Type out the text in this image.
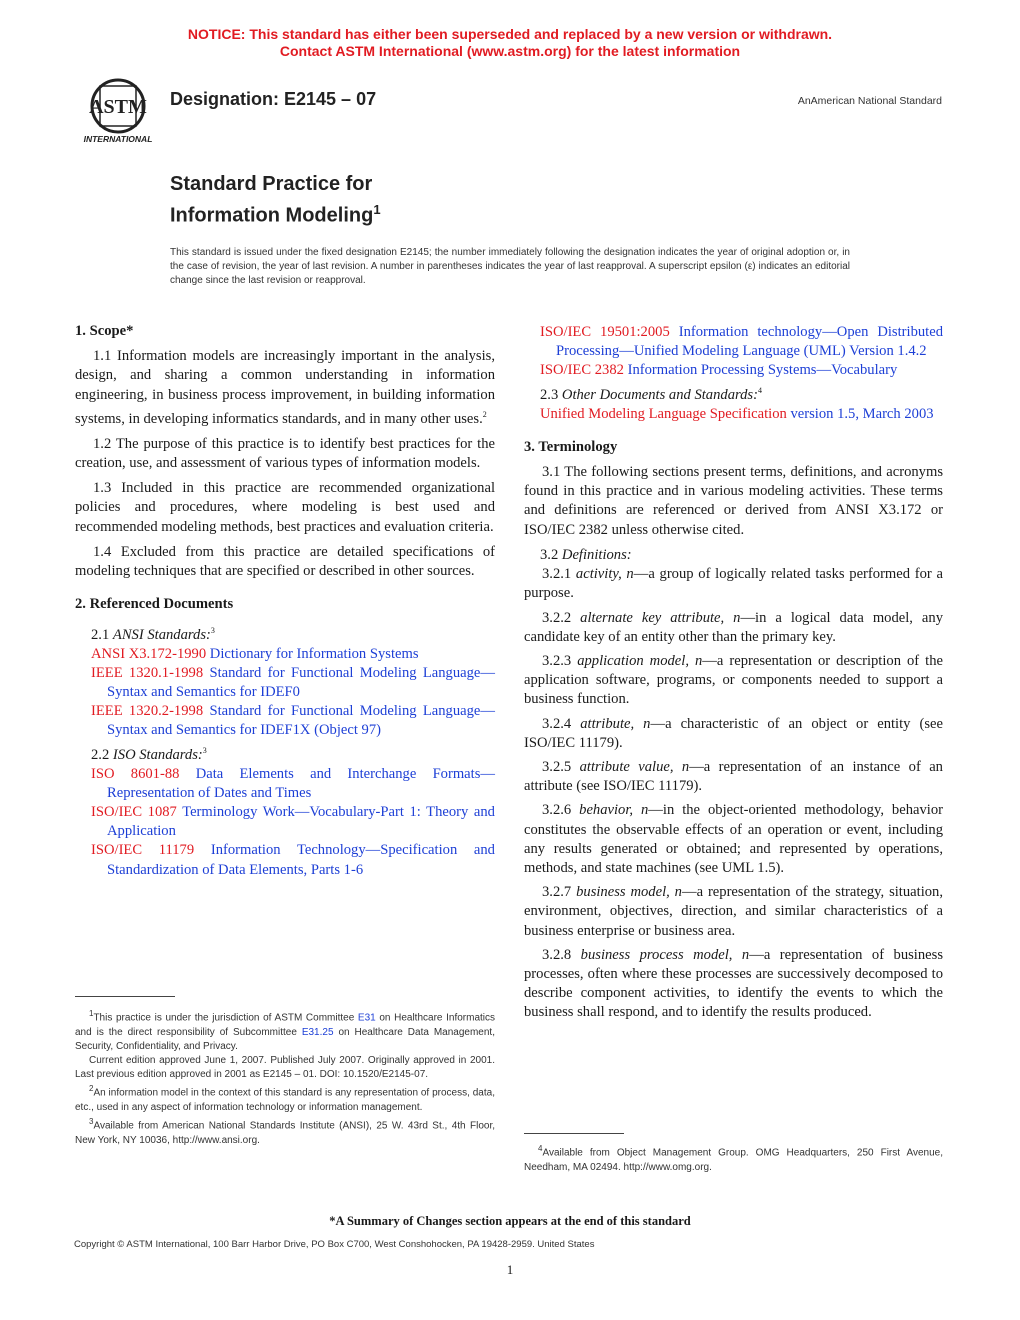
NOTICE: This standard has either been superseded and replaced by a new version or withdrawn.
Contact ASTM International (www.astm.org) for the latest information
ASTM
INTERNATIONAL
Designation: E2145 – 07	AnAmerican National Standard
Standard Practice for
Information Modeling$^1$
This standard is issued under the fixed designation E2145; the number immediately following the designation indicates the year of original adoption or, in the case of revision, the year of last revision. A number in parentheses indicates the year of last reapproval. A superscript epsilon (ε) indicates an editorial change since the last revision or reapproval.

1. Scope*

1.1 Information models are increasingly important in the analysis, design, and sharing a common understanding in information engineering, in business process improvement, in building information systems, in developing informatics standards, and in many other uses.$^2$

1.2 The purpose of this practice is to identify best practices for the creation, use, and assessment of various types of information models.

1.3 Included in this practice are recommended organizational policies and procedures, where modeling is best used and recommended modeling methods, best practices and evaluation criteria.

1.4 Excluded from this practice are detailed specifications of modeling techniques that are specified or described in other sources.

2. Referenced Documents

2.1 ANSI Standards:$^3$

ANSI X3.172-1990 Dictionary for Information Systems

IEEE 1320.1-1998 Standard for Functional Modeling Language—Syntax and Semantics for IDEF0

IEEE 1320.2-1998 Standard for Functional Modeling Language—Syntax and Semantics for IDEF1X (Object 97)

2.2 ISO Standards:$^3$

ISO 8601-88 Data Elements and Interchange Formats—Representation of Dates and Times

ISO/IEC 1087 Terminology Work—Vocabulary-Part 1: Theory and Application

ISO/IEC 11179 Information Technology—Specification and Standardization of Data Elements, Parts 1-6

$^1$This practice is under the jurisdiction of ASTM Committee E31 on Healthcare Informatics and is the direct responsibility of Subcommittee E31.25 on Healthcare Data Management, Security, Confidentiality, and Privacy.

Current edition approved June 1, 2007. Published July 2007. Originally approved in 2001. Last previous edition approved in 2001 as E2145 – 01. DOI: 10.1520/E2145-07.

$^2$An information model in the context of this standard is any representation of process, data, etc., used in any aspect of information technology or information management.

$^3$Available from American National Standards Institute (ANSI), 25 W. 43rd St., 4th Floor, New York, NY 10036, http://www.ansi.org.

ISO/IEC 19501:2005 Information technology—Open Distributed Processing—Unified Modeling Language (UML) Version 1.4.2

ISO/IEC 2382 Information Processing Systems—Vocabulary

2.3 Other Documents and Standards:$^4$

Unified Modeling Language Specification version 1.5, March 2003

3. Terminology

3.1 The following sections present terms, definitions, and acronyms found in this practice and in various modeling activities. These terms and definitions are referenced or derived from ANSI X3.172 or ISO/IEC 2382 unless otherwise cited.

3.2 Definitions:

3.2.1 activity, n—a group of logically related tasks performed for a purpose.

3.2.2 alternate key attribute, n—in a logical data model, any candidate key of an entity other than the primary key.

3.2.3 application model, n—a representation or description of the application software, programs, or components needed to support a business function.

3.2.4 attribute, n—a characteristic of an object or entity (see ISO/IEC 11179).

3.2.5 attribute value, n—a representation of an instance of an attribute (see ISO/IEC 11179).

3.2.6 behavior, n—in the object-oriented methodology, behavior constitutes the observable effects of an operation or event, including any results generated or obtained; and represented by operations, methods, and state machines (see UML 1.5).

3.2.7 business model, n—a representation of the strategy, situation, environment, objectives, direction, and similar characteristics of a business enterprise or business area.

3.2.8 business process model, n—a representation of business processes, often where these processes are successively decomposed to describe component activities, to identify the events to which the business shall respond, and to identify the results produced.

$^4$Available from Object Management Group. OMG Headquarters, 250 First Avenue, Needham, MA 02494. http://www.omg.org.

*A Summary of Changes section appears at the end of this standard
Copyright © ASTM International, 100 Barr Harbor Drive, PO Box C700, West Conshohocken, PA 19428-2959. United States
1
